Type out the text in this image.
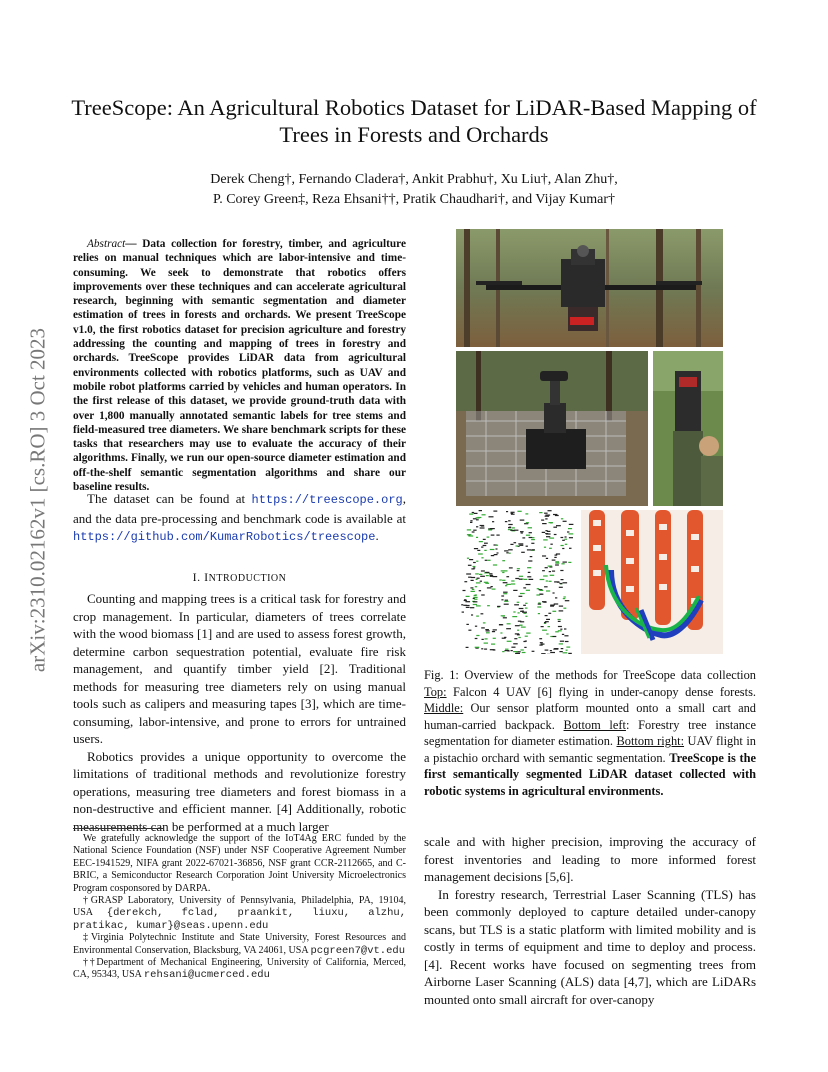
arXiv:2310.02162v1 [cs.RO] 3 Oct 2023
TreeScope: An Agricultural Robotics Dataset for LiDAR-Based Mapping of Trees in Forests and Orchards
Derek Cheng†, Fernando Cladera†, Ankit Prabhu†, Xu Liu†, Alan Zhu†,
P. Corey Green‡, Reza Ehsani††, Pratik Chaudhari†, and Vijay Kumar†

Abstract— Data collection for forestry, timber, and agriculture relies on manual techniques which are labor-intensive and time-consuming. We seek to demonstrate that robotics offers improvements over these techniques and can accelerate agricultural research, beginning with semantic segmentation and diameter estimation of trees in forests and orchards. We present TreeScope v1.0, the first robotics dataset for precision agriculture and forestry addressing the counting and mapping of trees in forestry and orchards. TreeScope provides LiDAR data from agricultural environments collected with robotics platforms, such as UAV and mobile robot platforms carried by vehicles and human operators. In the first release of this dataset, we provide ground-truth data with over 1,800 manually annotated semantic labels for tree stems and field-measured tree diameters. We share benchmark scripts for these tasks that researchers may use to evaluate the accuracy of their algorithms. Finally, we run our open-source diameter estimation and off-the-shelf semantic segmentation algorithms and share our baseline results.

The dataset can be found at https://treescope.org, and the data pre-processing and benchmark code is available at https://github.com/KumarRobotics/treescope.

I. INTRODUCTION

Counting and mapping trees is a critical task for forestry and crop management. In particular, diameters of trees correlate with the wood biomass [1] and are used to assess forest growth, determine carbon sequestration potential, evaluate fire risk management, and quantify timber yield [2]. Traditional methods for measuring tree diameters rely on using manual tools such as calipers and measuring tapes [3], which are time-consuming, labor-intensive, and prone to errors for untrained users.

Robotics provides a unique opportunity to overcome the limitations of traditional methods and revolutionize forestry operations, measuring tree diameters and forest biomass in a non-destructive and efficient manner. [4] Additionally, robotic measurements can be performed at a much larger

We gratefully acknowledge the support of the IoT4Ag ERC funded by the National Science Foundation (NSF) under NSF Cooperative Agreement Number EEC-1941529, NIFA grant 2022-67021-36856, NSF grant CCR-2112665, and C-BRIC, a Semiconductor Research Corporation Joint University Microelectronics Program cosponsored by DARPA.

†GRASP Laboratory, University of Pennsylvania, Philadelphia, PA, 19104, USA {derekch, fclad, praankit, liuxu, alzhu, pratikac, kumar}@seas.upenn.edu

‡Virginia Polytechnic Institute and State University, Forest Resources and Environmental Conservation, Blacksburg, VA 24061, USA pcgreen7@vt.edu

††Department of Mechanical Engineering, University of California, Merced, CA, 95343, USA rehsani@ucmerced.edu

Fig. 1: Overview of the methods for TreeScope data collection Top: Falcon 4 UAV [6] flying in under-canopy dense forests. Middle: Our sensor platform mounted onto a small cart and human-carried backpack. Bottom left: Forestry tree instance segmentation for diameter estimation. Bottom right: UAV flight in a pistachio orchard with semantic segmentation. TreeScope is the first semantically segmented LiDAR dataset collected with robotic systems in agricultural environments.

scale and with higher precision, improving the accuracy of forest inventories and leading to more informed forest management decisions [5,6].

In forestry research, Terrestrial Laser Scanning (TLS) has been commonly deployed to capture detailed under-canopy scans, but TLS is a static platform with limited mobility and is costly in terms of equipment and time to deploy and process. [4]. Recent works have focused on segmenting trees from Airborne Laser Scanning (ALS) data [4,7], which are LiDARs mounted onto small aircraft for over-canopy
